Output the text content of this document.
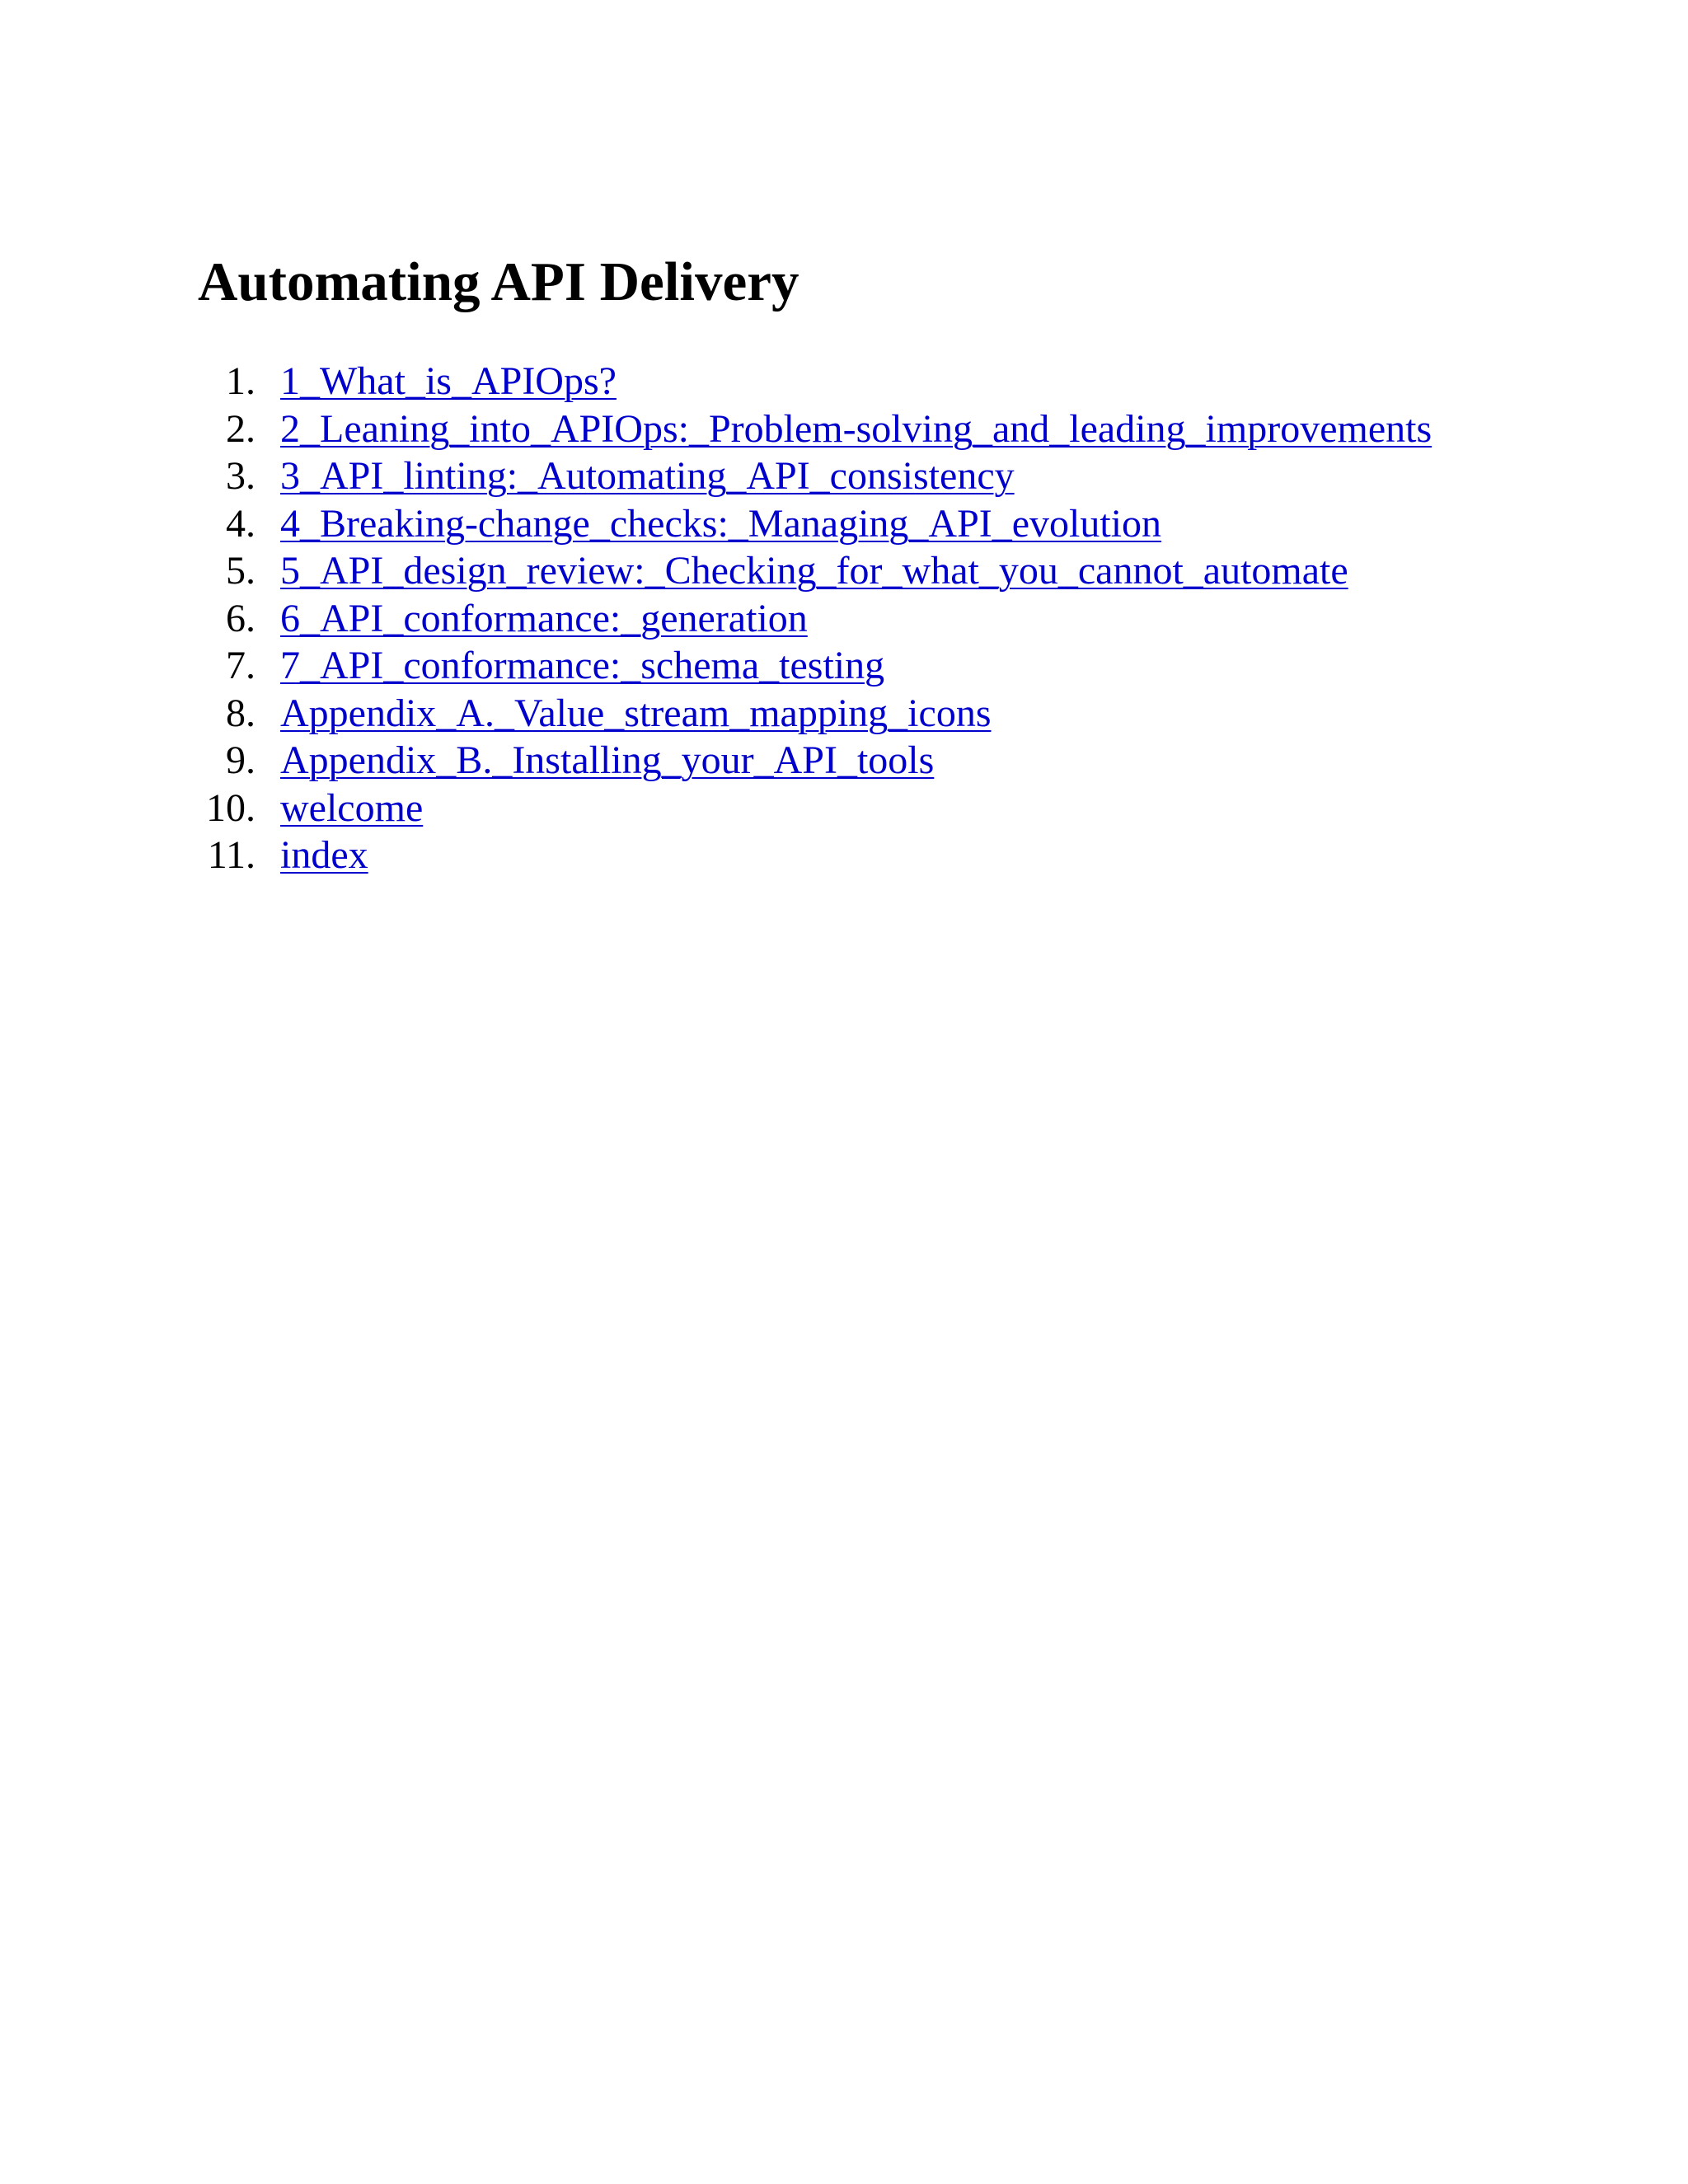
Automating API Delivery
1. 1_What_is_APIOps?
2. 2_Leaning_into_APIOps:_Problem-solving_and_leading_improvements
3. 3_API_linting:_Automating_API_consistency
4. 4_Breaking-change_checks:_Managing_API_evolution
5. 5_API_design_review:_Checking_for_what_you_cannot_automate
6. 6_API_conformance:_generation
7. 7_API_conformance:_schema_testing
8. Appendix_A._Value_stream_mapping_icons
9. Appendix_B._Installing_your_API_tools
10. welcome
11. index
